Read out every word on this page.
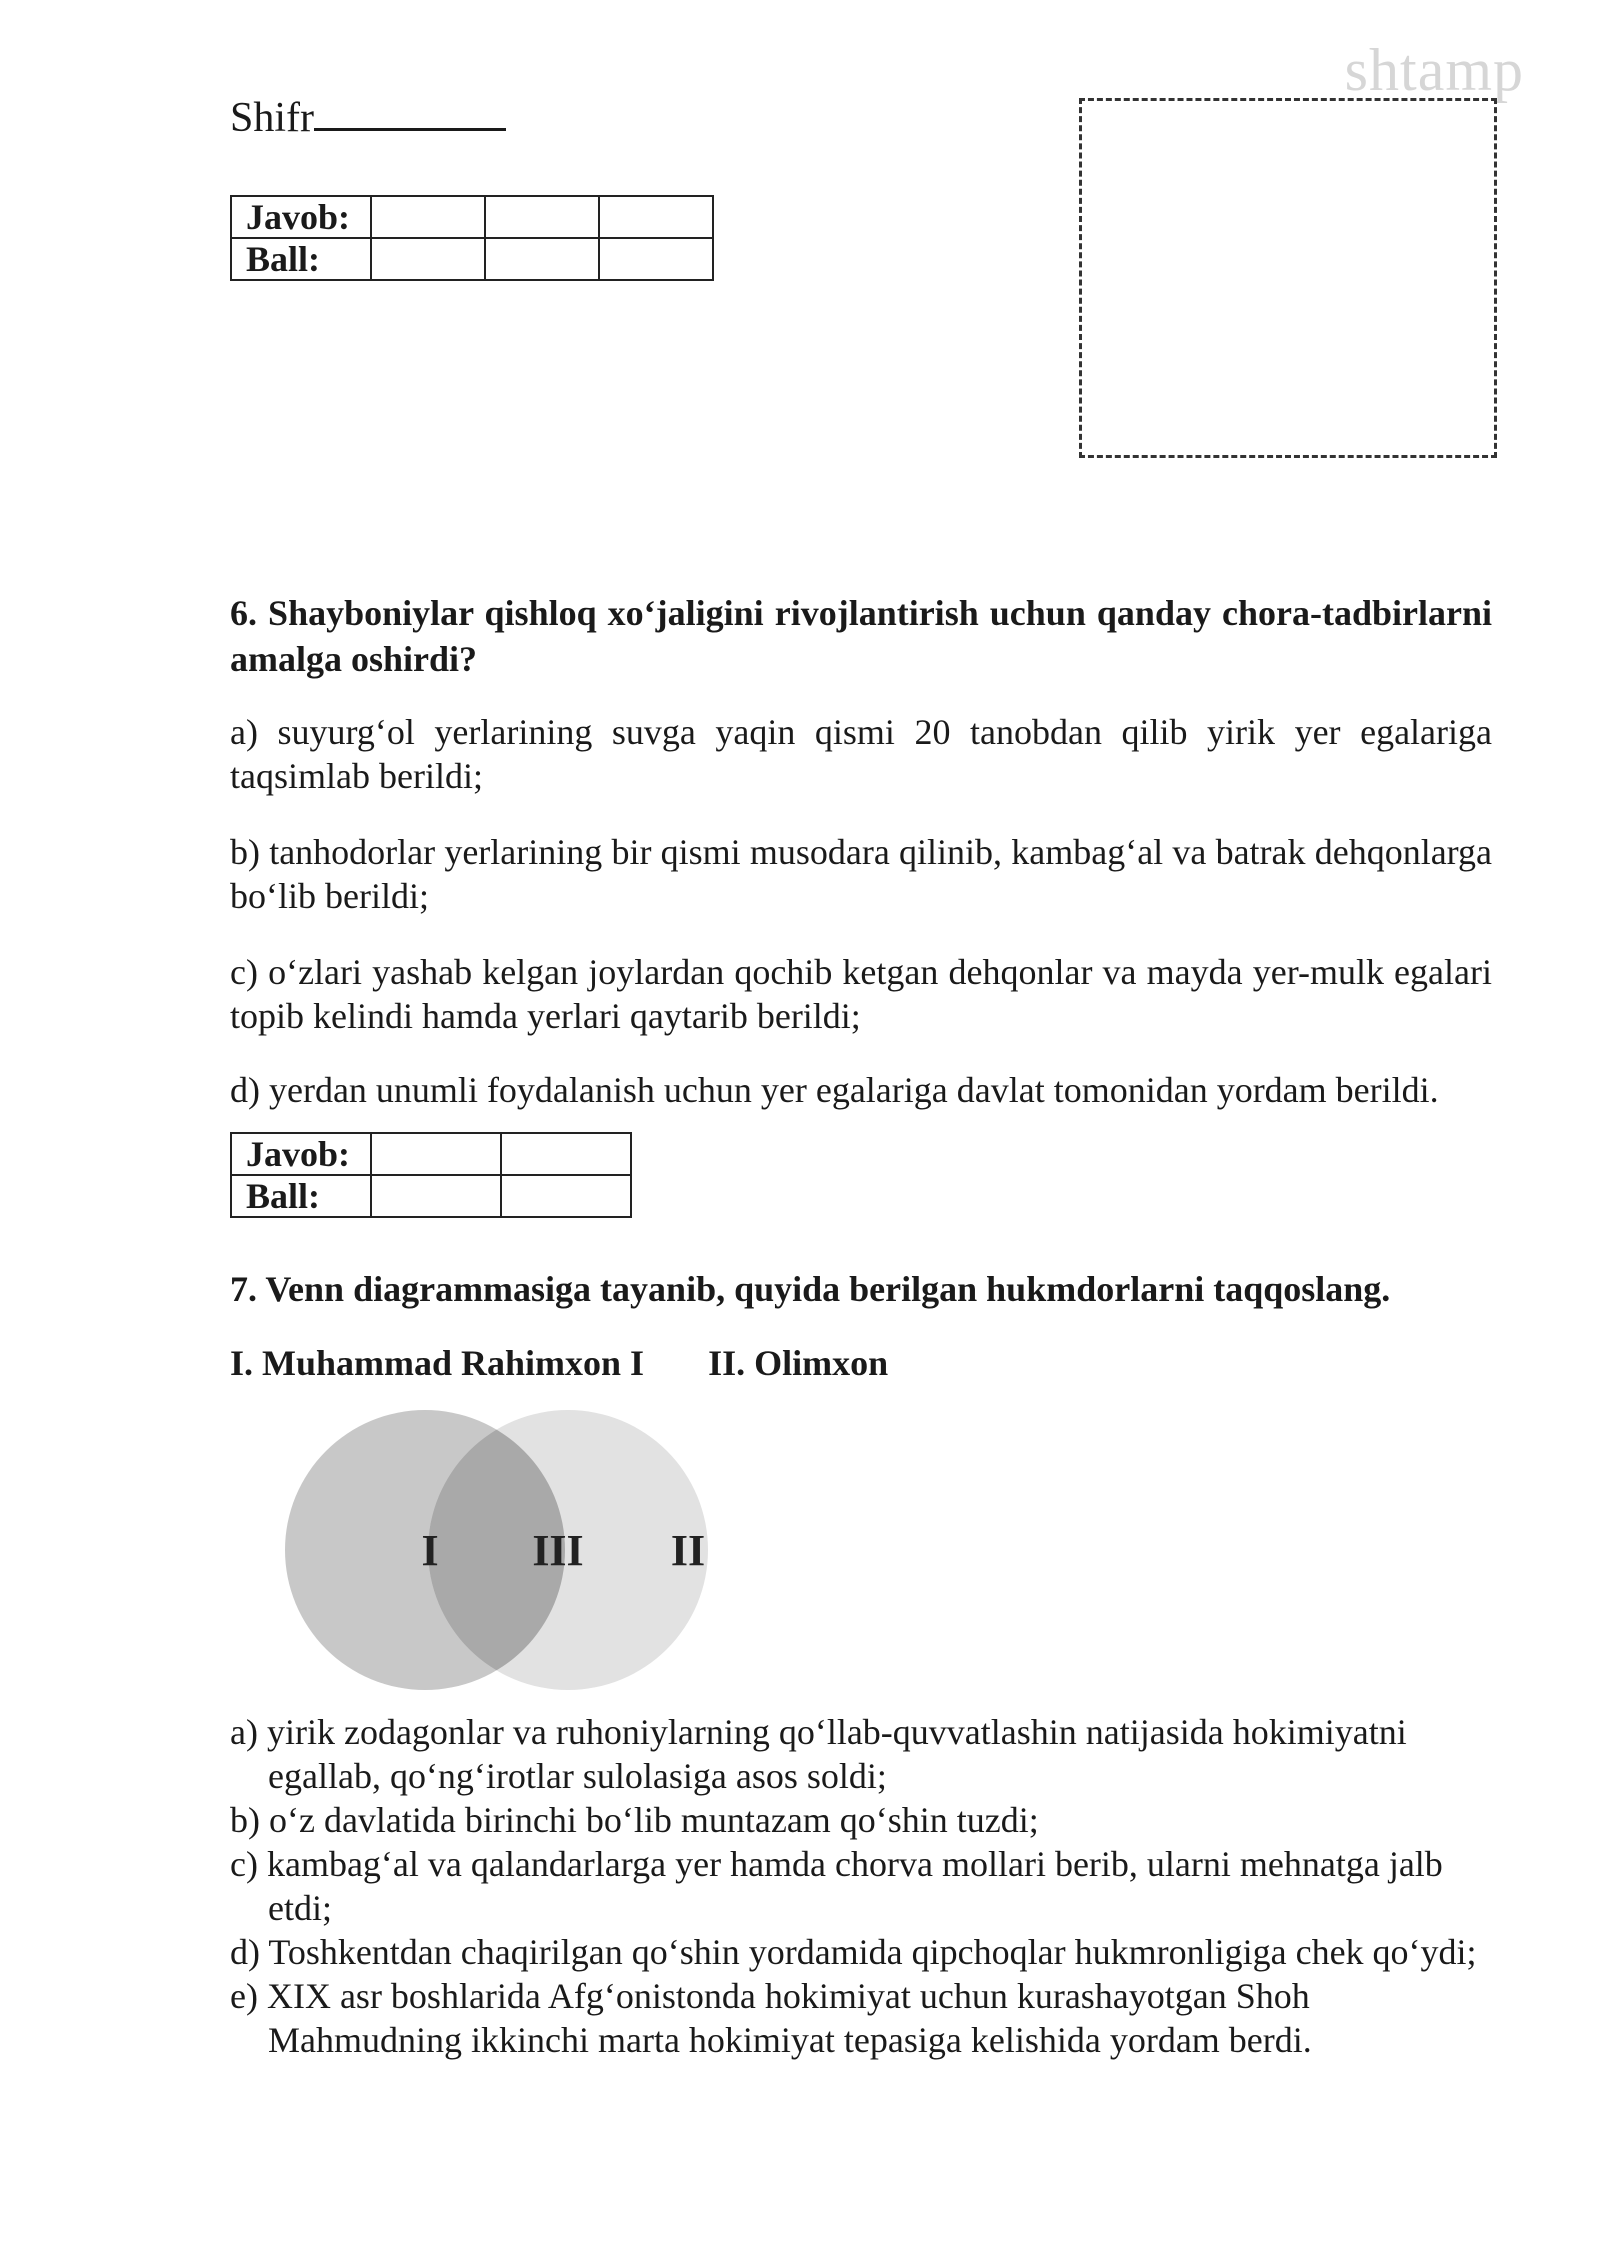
Shifr
Javob:			
Ball:			
shtamp
6. Shayboniylar qishloq xo‘jaligini rivojlantirish uchun qanday chora-tadbirlarni amalga oshirdi?
a) suyurg‘ol yerlarining suvga yaqin qismi 20 tanobdan qilib yirik yer egalariga taqsimlab berildi;
b) tanhodorlar yerlarining bir qismi musodara qilinib, kambag‘al va batrak dehqonlarga bo‘lib berildi;
c) o‘zlari yashab kelgan joylardan qochib ketgan dehqonlar va mayda yer-mulk egalari topib kelindi hamda yerlari qaytarib berildi;
d) yerdan unumli foydalanish uchun yer egalariga davlat tomonidan yordam berildi.
Javob:		
Ball:		
7. Venn diagrammasiga tayanib, quyida berilgan hukmdorlarni taqqoslang.
I. Muhammad Rahimxon I II. Olimxon
I III II
a) yirik zodagonlar va ruhoniylarning qo‘llab-quvvatlashin natijasida hokimiyatni egallab, qo‘ng‘irotlar sulolasiga asos soldi;
b) o‘z davlatida birinchi bo‘lib muntazam qo‘shin tuzdi;
c) kambag‘al va qalandarlarga yer hamda chorva mollari berib, ularni mehnatga jalb etdi;
d) Toshkentdan chaqirilgan qo‘shin yordamida qipchoqlar hukmronligiga chek qo‘ydi;
e) XIX asr boshlarida Afg‘onistonda hokimiyat uchun kurashayotgan Shoh Mahmudning ikkinchi marta hokimiyat tepasiga kelishida yordam berdi.
